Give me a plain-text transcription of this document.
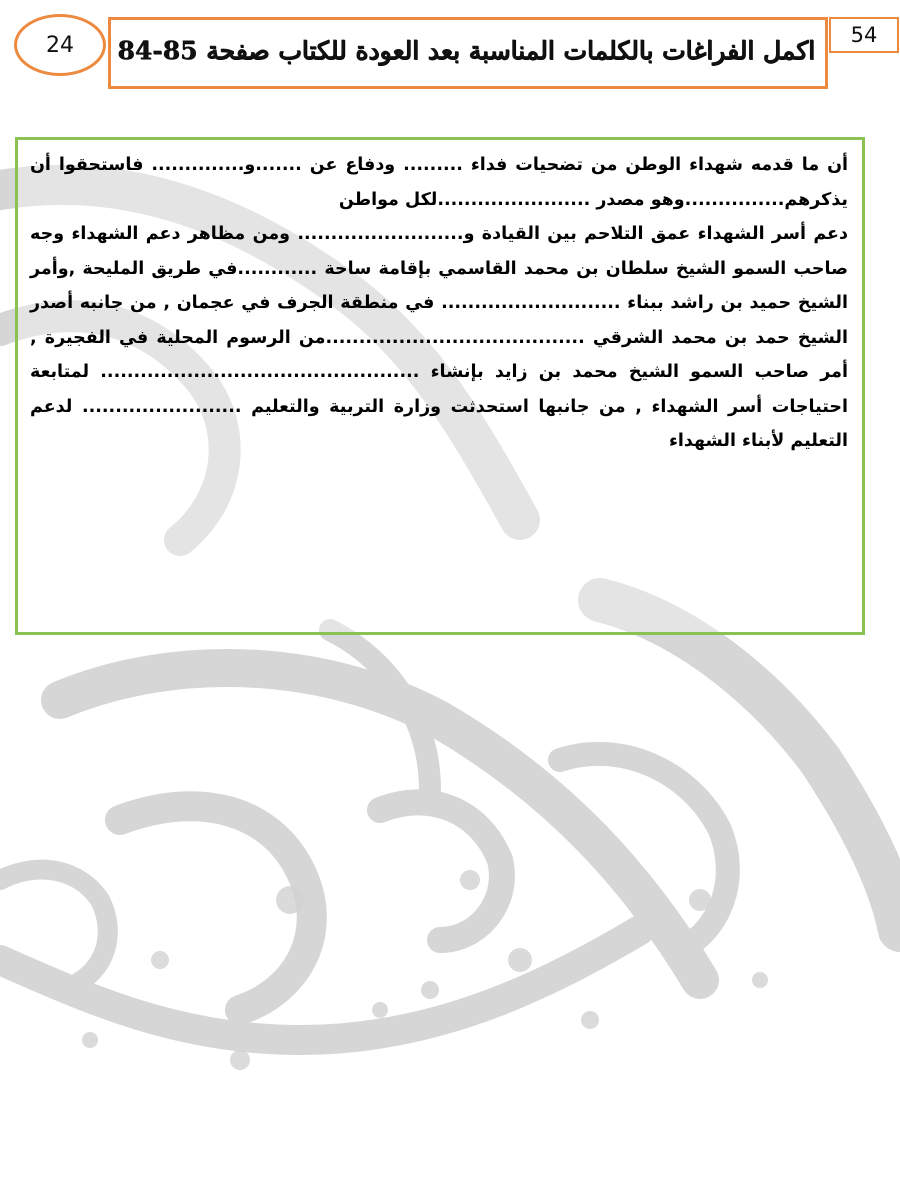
24	اكمل الفراغات بالكلمات المناسبة بعد العودة للكتاب صفحة 85-84
54

أن ما قدمه شهداء الوطن من تضحيات فداء ......... ودفاع عن .......و.............. فاستحقوا أن يذكرهم...............وهو مصدر .......................لكل مواطن

دعم أسر الشهداء عمق التلاحم بين القيادة و......................... ومن مظاهر دعم الشهداء وجه صاحب السمو الشيخ سلطان بن محمد القاسمي بإقامة ساحة ............في طريق المليحة ,وأمر الشيخ حميد بن راشد ببناء ........................... في منطقة الجرف في عجمان , من جانبه أصدر الشيخ حمد بن محمد الشرقي .......................................من الرسوم المحلية في الفجيرة , أمر صاحب السمو الشيخ محمد بن زايد بإنشاء ................................................ لمتابعة احتياجات أسر الشهداء , من جانبها استحدثت وزارة التربية والتعليم ........................ لدعم التعليم لأبناء الشهداء
